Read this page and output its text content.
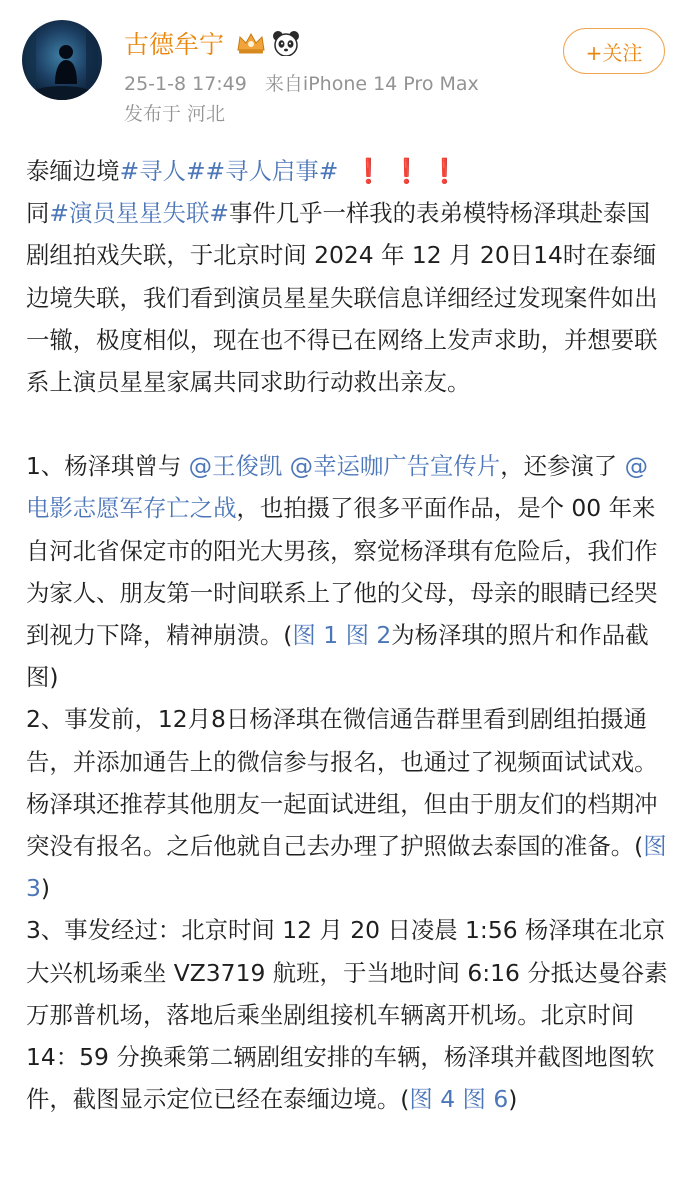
古德牟宁
25-1-8 17:49 来自iPhone 14 Pro Max
发布于 河北
+关注

泰缅边境#寻人##寻人启事# ❗ ❗ ❗
同#演员星星失联#事件几乎一样我的表弟模特杨泽琪赴泰国剧组拍戏失联，于北京时间 2024 年 12 月 20日14时在泰缅边境失联，我们看到演员星星失联信息详细经过发现案件如出一辙，极度相似，现在也不得已在网络上发声求助，并想要联系上演员星星家属共同求助行动救出亲友。

1、杨泽琪曾与 @王俊凯 @幸运咖广告宣传片，还参演了 @电影志愿军存亡之战，也拍摄了很多平面作品，是个 00 年来自河北省保定市的阳光大男孩，察觉杨泽琪有危险后，我们作为家人、朋友第一时间联系上了他的父母，母亲的眼睛已经哭到视力下降，精神崩溃。(图 1 图 2为杨泽琪的照片和作品截图)

2、事发前，12月8日杨泽琪在微信通告群里看到剧组拍摄通告，并添加通告上的微信参与报名，也通过了视频面试试戏。杨泽琪还推荐其他朋友一起面试进组，但由于朋友们的档期冲突没有报名。之后他就自己去办理了护照做去泰国的准备。(图 3)

3、事发经过：北京时间 12 月 20 日凌晨 1:56 杨泽琪在北京大兴机场乘坐 VZ3719 航班，于当地时间 6:16 分抵达曼谷素万那普机场，落地后乘坐剧组接机车辆离开机场。北京时间 14：59 分换乘第二辆剧组安排的车辆，杨泽琪并截图地图软件，截图显示定位已经在泰缅边境。(图 4 图 6)
